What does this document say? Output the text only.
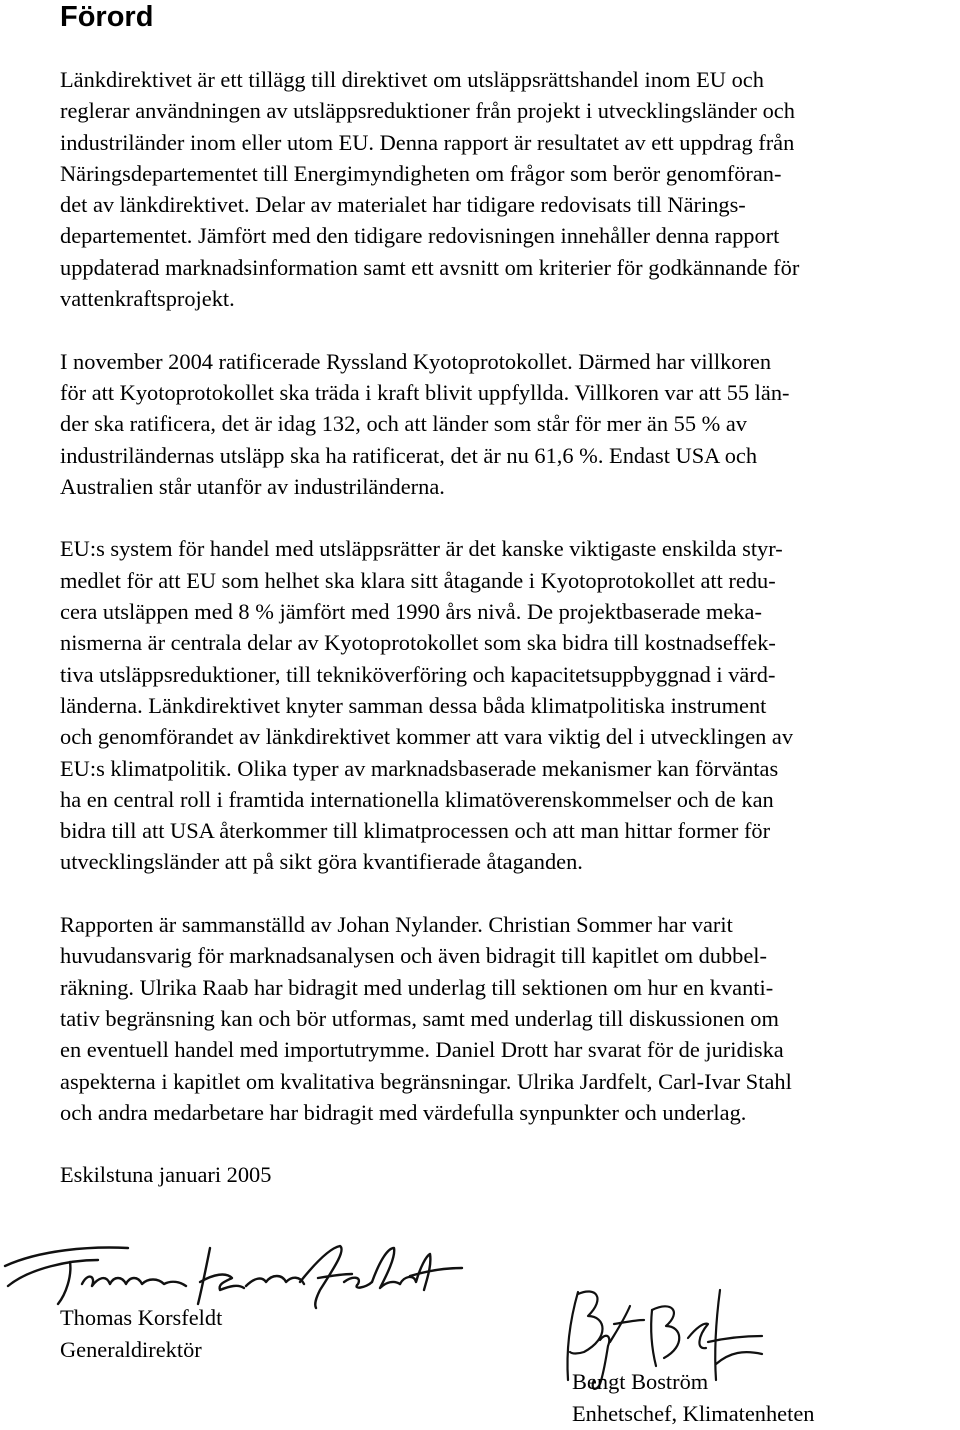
Förord

Länkdirektivet är ett tillägg till direktivet om utsläppsrättshandel inom EU och
reglerar användningen av utsläppsreduktioner från projekt i utvecklingsländer och
industriländer inom eller utom EU. Denna rapport är resultatet av ett uppdrag från
Näringsdepartementet till Energimyndigheten om frågor som berör genomföran-
det av länkdirektivet. Delar av materialet har tidigare redovisats till Närings-
departementet. Jämfört med den tidigare redovisningen innehåller denna rapport
uppdaterad marknadsinformation samt ett avsnitt om kriterier för godkännande för
vattenkraftsprojekt.

I november 2004 ratificerade Ryssland Kyotoprotokollet. Därmed har villkoren
för att Kyotoprotokollet ska träda i kraft blivit uppfyllda. Villkoren var att 55 län-
der ska ratificera, det är idag 132, och att länder som står för mer än 55 % av
industriländernas utsläpp ska ha ratificerat, det är nu 61,6 %. Endast USA och
Australien står utanför av industriländerna.

EU:s system för handel med utsläppsrätter är det kanske viktigaste enskilda styr-
medlet för att EU som helhet ska klara sitt åtagande i Kyotoprotokollet att redu-
cera utsläppen med 8 % jämfört med 1990 års nivå. De projektbaserade meka-
nismerna är centrala delar av Kyotoprotokollet som ska bidra till kostnadseffek-
tiva utsläppsreduktioner, till tekniköverföring och kapacitetsuppbyggnad i värd-
länderna. Länkdirektivet knyter samman dessa båda klimatpolitiska instrument
och genomförandet av länkdirektivet kommer att vara viktig del i utvecklingen av
EU:s klimatpolitik. Olika typer av marknadsbaserade mekanismer kan förväntas
ha en central roll i framtida internationella klimatöverenskommelser och de kan
bidra till att USA återkommer till klimatprocessen och att man hittar former för
utvecklingsländer att på sikt göra kvantifierade åtaganden.

Rapporten är sammanställd av Johan Nylander. Christian Sommer har varit
huvudansvarig för marknadsanalysen och även bidragit till kapitlet om dubbel-
räkning. Ulrika Raab har bidragit med underlag till sektionen om hur en kvanti-
tativ begränsning kan och bör utformas, samt med underlag till diskussionen om
en eventuell handel med importutrymme. Daniel Drott har svarat för de juridiska
aspekterna i kapitlet om kvalitativa begränsningar. Ulrika Jardfelt, Carl-Ivar Stahl
och andra medarbetare har bidragit med värdefulla synpunkter och underlag.

Eskilstuna januari 2005

Thomas Korsfeldt
Generaldirektör
Bengt Boström
Enhetschef, Klimatenheten
